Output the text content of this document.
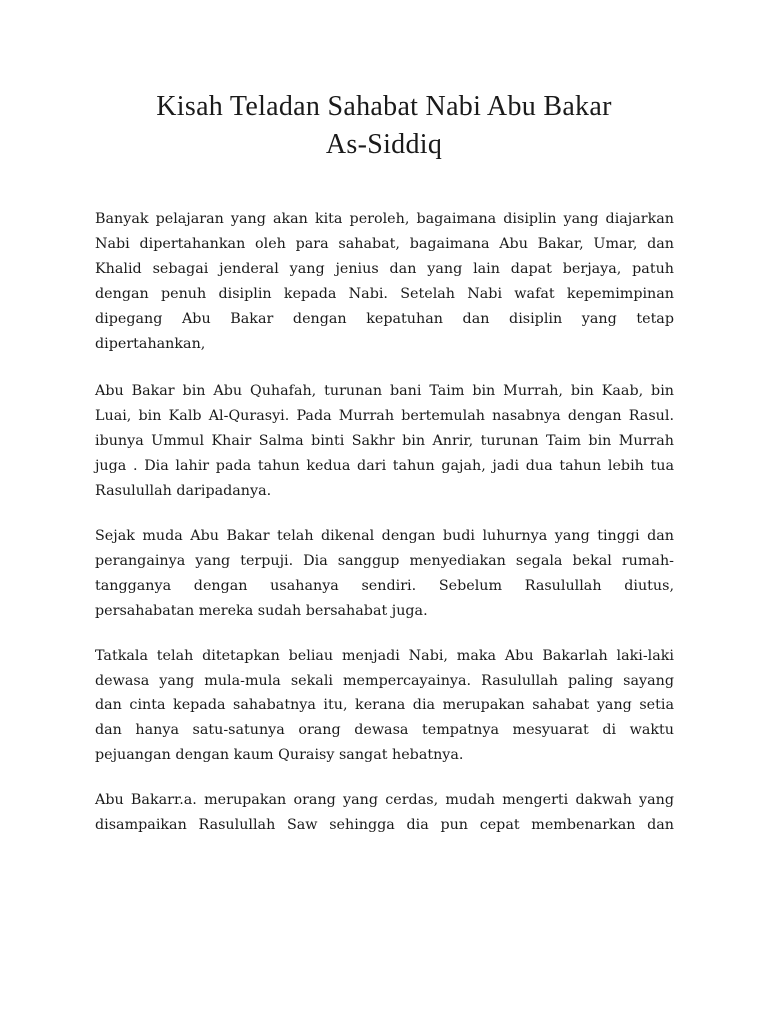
Kisah Teladan Sahabat Nabi Abu Bakar
As-Siddiq

Banyak pelajaran yang akan kita peroleh, bagaimana disiplin yang diajarkan
Nabi dipertahankan oleh para sahabat, bagaimana Abu Bakar, Umar, dan
Khalid sebagai jenderal yang jenius dan yang lain dapat berjaya, patuh
dengan penuh disiplin kepada Nabi. Setelah Nabi wafat kepemimpinan
dipegang Abu Bakar dengan kepatuhan dan disiplin yang tetap
dipertahankan,

Abu Bakar bin Abu Quhafah, turunan bani Taim bin Murrah, bin Kaab, bin
Luai, bin Kalb Al-Qurasyi. Pada Murrah bertemulah nasabnya dengan Rasul.
ibunya Ummul Khair Salma binti Sakhr bin Anrir, turunan Taim bin Murrah
juga . Dia lahir pada tahun kedua dari tahun gajah, jadi dua tahun lebih tua
Rasulullah daripadanya.

Sejak muda Abu Bakar telah dikenal dengan budi luhurnya yang tinggi dan
perangainya yang terpuji. Dia sanggup menyediakan segala bekal rumah-
tangganya dengan usahanya sendiri. Sebelum Rasulullah diutus,
persahabatan mereka sudah bersahabat juga.

Tatkala telah ditetapkan beliau menjadi Nabi, maka Abu Bakarlah laki-laki
dewasa yang mula-mula sekali mempercayainya. Rasulullah paling sayang
dan cinta kepada sahabatnya itu, kerana dia merupakan sahabat yang setia
dan hanya satu-satunya orang dewasa tempatnya mesyuarat di waktu
pejuangan dengan kaum Quraisy sangat hebatnya.

Abu Bakarr.a. merupakan orang yang cerdas, mudah mengerti dakwah yang
disampaikan Rasulullah Saw sehingga dia pun cepat membenarkan dan
